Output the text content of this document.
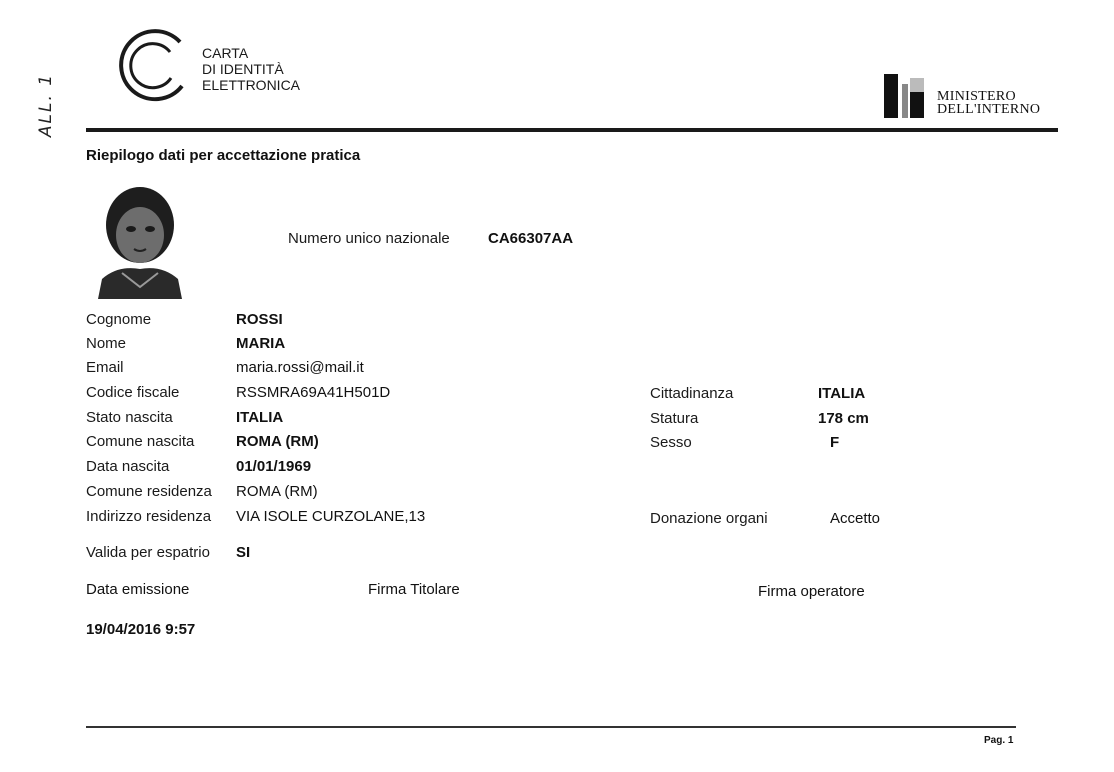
ALL. 1
CARTA
DI IDENTITÀ
ELETTRONICA
MINISTERO
DELL'INTERNO
Riepilogo dati per accettazione pratica
Numero unico nazionale	CA66307AA
Cognome	ROSSI
Nome	MARIA
Email	maria.rossi@mail.it
Codice fiscale	RSSMRA69A41H501D
Stato nascita	ITALIA
Comune nascita	ROMA (RM)
Data nascita	01/01/1969
Comune residenza ROMA (RM)
Indirizzo residenza VIA ISOLE CURZOLANE,13
Cittadinanza	ITALIA
Statura	178 cm
Sesso	F
Donazione organi	Accetto
Valida per espatrio SI
Data emissione	Firma Titolare	Firma operatore
19/04/2016 9:57
Pag. 1
